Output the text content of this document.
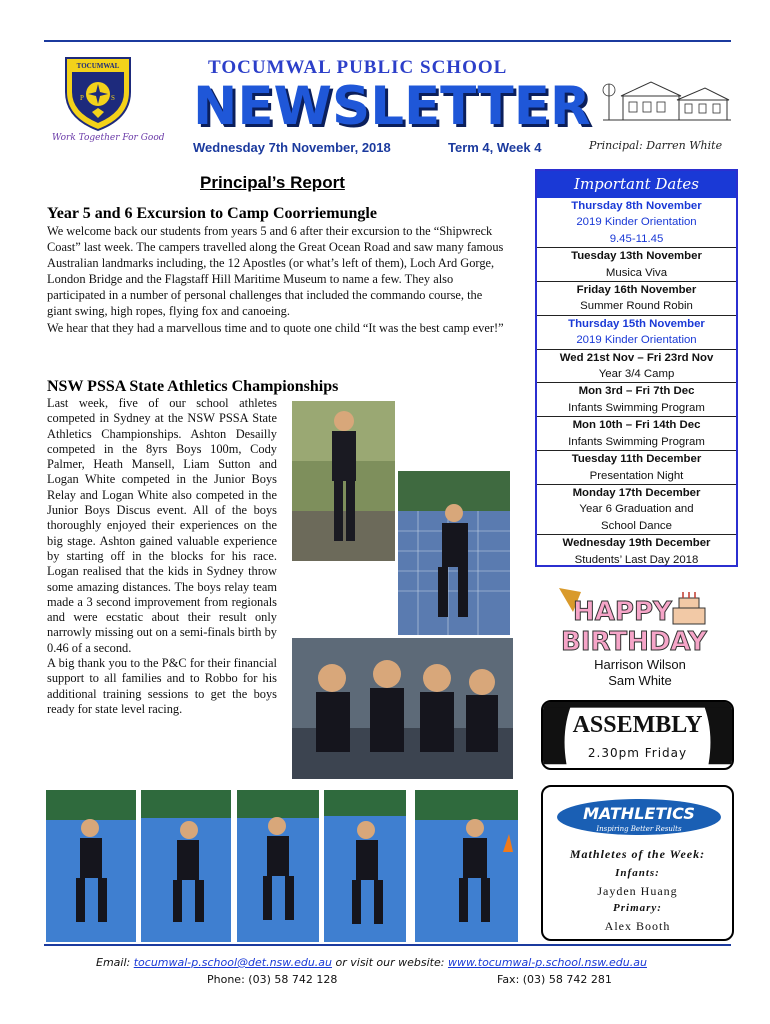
TOCUMWAL
P	S
Work Together For Good
TOCUMWAL PUBLIC SCHOOL
NEWSLETTER
Wednesday 7th November, 2018	Term 4, Week 4	Principal: Darren White
Principal’s Report
Year 5 and 6 Excursion to Camp Coorriemungle
We welcome back our students from years 5 and 6 after their excursion to the “Shipwreck Coast” last week. The campers travelled along the Great Ocean Road and saw many famous Australian landmarks including, the 12 Apostles (or what’s left of them), Loch Ard Gorge, London Bridge and the Flagstaff Hill Maritime Museum to name a few. They also participated in a number of personal challenges that included the commando course, the giant swing, high ropes, flying fox and canoeing.
We hear that they had a marvellous time and to quote one child “It was the best camp ever!”
NSW PSSA State Athletics Championships
Last week, five of our school athletes competed in Sydney at the NSW PSSA State Athletics Championships. Ashton Desailly competed in the 8yrs Boys 100m, Cody Palmer, Heath Mansell, Liam Sutton and Logan White competed in the Junior Boys Relay and Logan White also competed in the Junior Boys Discus event. All of the boys thoroughly enjoyed their experiences on the big stage. Ashton gained valuable experience by starting off in the blocks for his race. Logan realised that the kids in Sydney throw some amazing distances. The boys relay team made a 3 second improvement from regionals and were ecstatic about their result only narrowly missing out on a semi-finals birth by 0.46 of a second.
A big thank you to the P&C for their financial support to all families and to Robbo for his additional training sessions to get the boys ready for state level racing.
Important Dates
Thursday 8th November
2019 Kinder Orientation 9.45-11.45
Tuesday 13th November
Musica Viva
Friday 16th November
Summer Round Robin
Thursday 15th November
2019 Kinder Orientation
Wed 21st Nov – Fri 23rd Nov
Year 3/4 Camp
Mon 3rd – Fri 7th Dec
Infants Swimming Program
Mon 10th – Fri 14th Dec
Infants Swimming Program
Tuesday 11th December
Presentation Night
Monday 17th December
Year 6 Graduation and School Dance
Wednesday 19th December
Students’ Last Day 2018
HAPPY
BIRTHDAY
Harrison Wilson
Sam White
ASSEMBLY
2.30pm Friday
MATHLETICS
Inspiring Better Results
Mathletes of the Week:
Infants:
Jayden Huang
Primary:
Alex Booth
Email: tocumwal-p.school@det.nsw.edu.au or visit our website: www.tocumwal-p.school.nsw.edu.au
Phone: (03) 58 742 128	Fax: (03) 58 742 281
